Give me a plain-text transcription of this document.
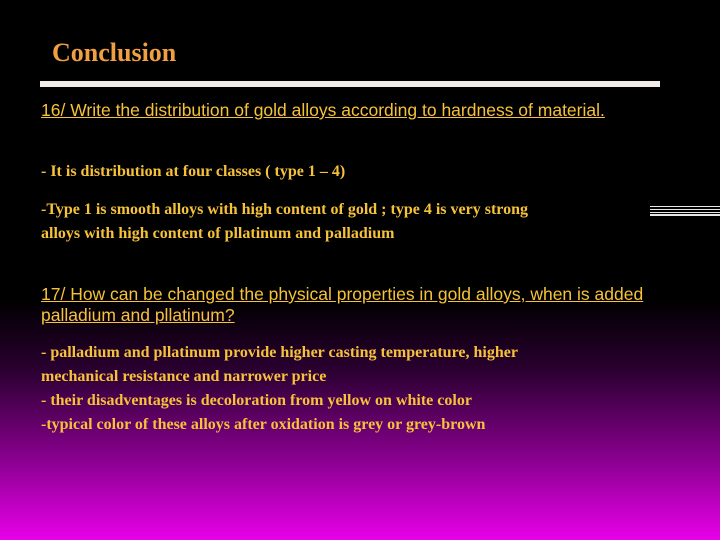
Conclusion
16/ Write the distribution of gold alloys according to hardness of material.
- It is distribution at four classes ( type 1 – 4)
-Type 1 is smooth alloys with high content of gold ; type 4 is very strong
alloys with high content of pllatinum and palladium
17/ How can be changed the physical properties in gold alloys, when is added palladium and pllatinum?
- palladium and pllatinum provide higher casting temperature, higher
mechanical resistance and narrower price
- their disadventages is decoloration from yellow on white color
-typical color of these alloys after oxidation is grey or grey-brown
